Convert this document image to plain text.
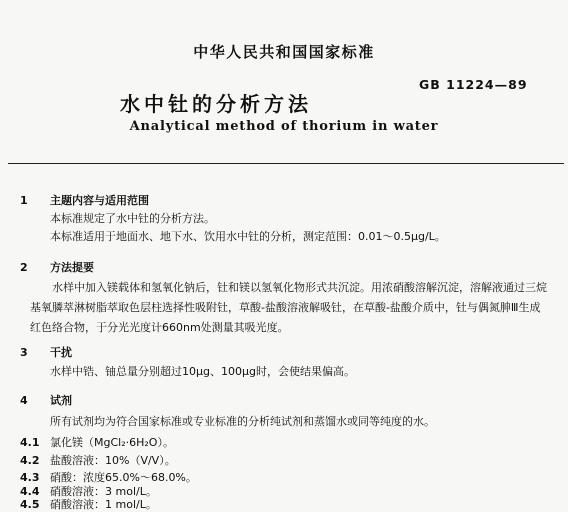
中华人民共和国国家标准
水中钍的分析方法
GB 11224—89
Analytical method of thorium in water
1 主题内容与适用范围
本标准规定了水中钍的分析方法。
本标准适用于地面水、地下水、饮用水中钍的分析，测定范围：0.01～0.5μg/L。
2 方法提要
水样中加入镁载体和氢氧化钠后，钍和镁以氢氧化物形式共沉淀。用浓硝酸溶解沉淀，溶解液通过三烷基氧膦萃淋树脂萃取色层柱选择性吸附钍，草酸-盐酸溶液解吸钍，在草酸-盐酸介质中，钍与偶氮胂Ⅲ生成红色络合物，于分光光度计660nm处测量其吸光度。
3 干扰
水样中锆、铀总量分别超过10μg、100μg时，会使结果偏高。
4 试剂
所有试剂均为符合国家标准或专业标准的分析纯试剂和蒸馏水或同等纯度的水。
4.1 氯化镁（MgCl₂·6H₂O）。
4.2 盐酸溶液：10%（V/V）。
4.3 硝酸：浓度65.0%～68.0%。
4.4 硝酸溶液：3 mol/L。
4.5 硝酸溶液：1 mol/L。
